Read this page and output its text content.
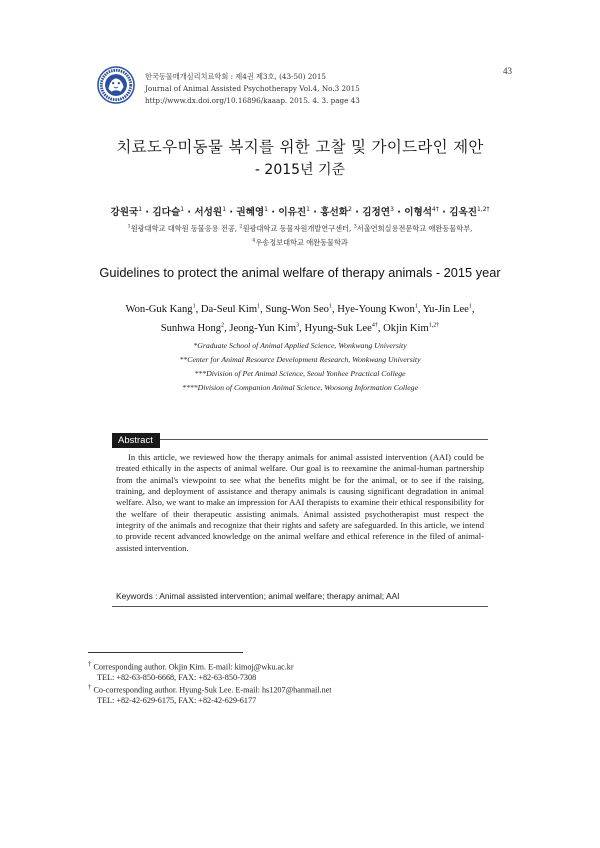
한국동물매개심리치료학회 : 제4권 제3호, (43-50) 2015
Journal of Animal Assisted Psychotherapy Vol.4, No.3 2015
http://www.dx.doi.org/10.16896/kaaap. 2015. 4. 3. page 43
43
치료도우미동물 복지를 위한 고찰 및 가이드라인 제안
- 2015년 기준
강원국$^1$ · 김다슬$^1$ · 서성원$^1$ · 권혜영$^1$ · 이유진$^1$ · 홍선화$^2$ · 김정연$^3$ · 이형석$^{4\dagger}$ · 김옥진$^{1,2\dagger}$
$^1$원광대학교 대학원 동물응용 전공, $^2$원광대학교 동물자원개발연구센터, $^3$서울연희실용전문학교 애완동물학부,
$^4$우송정보대학교 애완동물학과
Guidelines to protect the animal welfare of therapy animals - 2015 year
Won-Guk Kang$^1$, Da-Seul Kim$^1$, Sung-Won Seo$^1$, Hye-Young Kwon$^1$, Yu-Jin Lee$^1$,
Sunhwa Hong$^2$, Jeong-Yun Kim$^3$, Hyung-Suk Lee$^{4\dagger}$, Okjin Kim$^{1,2\dagger}$
*Graduate School of Animal Applied Science, Wonkwang University
**Center for Animal Resource Development Research, Wonkwang University
***Division of Pet Animal Science, Seoul Yonhee Practical College
****Division of Companion Animal Science, Woosong Information College
Abstract
In this article, we reviewed how the therapy animals for animal assisted intervention (AAI) could be treated ethically in the aspects of animal welfare. Our goal is to reexamine the animal-human partnership from the animal's viewpoint to see what the benefits might be for the animal, or to see if the raising, training, and deployment of assistance and therapy animals is causing significant degradation in animal welfare. Also, we want to make an impression for AAI therapists to examine their ethical responsibility for the welfare of their therapeutic assisting animals. Animal assisted psychotherapist must respect the integrity of the animals and recognize that their rights and safety are safeguarded. In this article, we intend to provide recent advanced knowledge on the animal welfare and ethical reference in the filed of animal-assisted intervention.
Keywords : Animal assisted intervention; animal welfare; therapy animal; AAI
† Corresponding author. Okjin Kim. E-mail: kimoj@wku.ac.kr
TEL: +82-63-850-6668, FAX: +82-63-850-7308
† Co-corresponding author. Hyung-Suk Lee. E-mail: hs1207@hanmail.net
TEL: +82-42-629-6175, FAX: +82-42-629-6177
